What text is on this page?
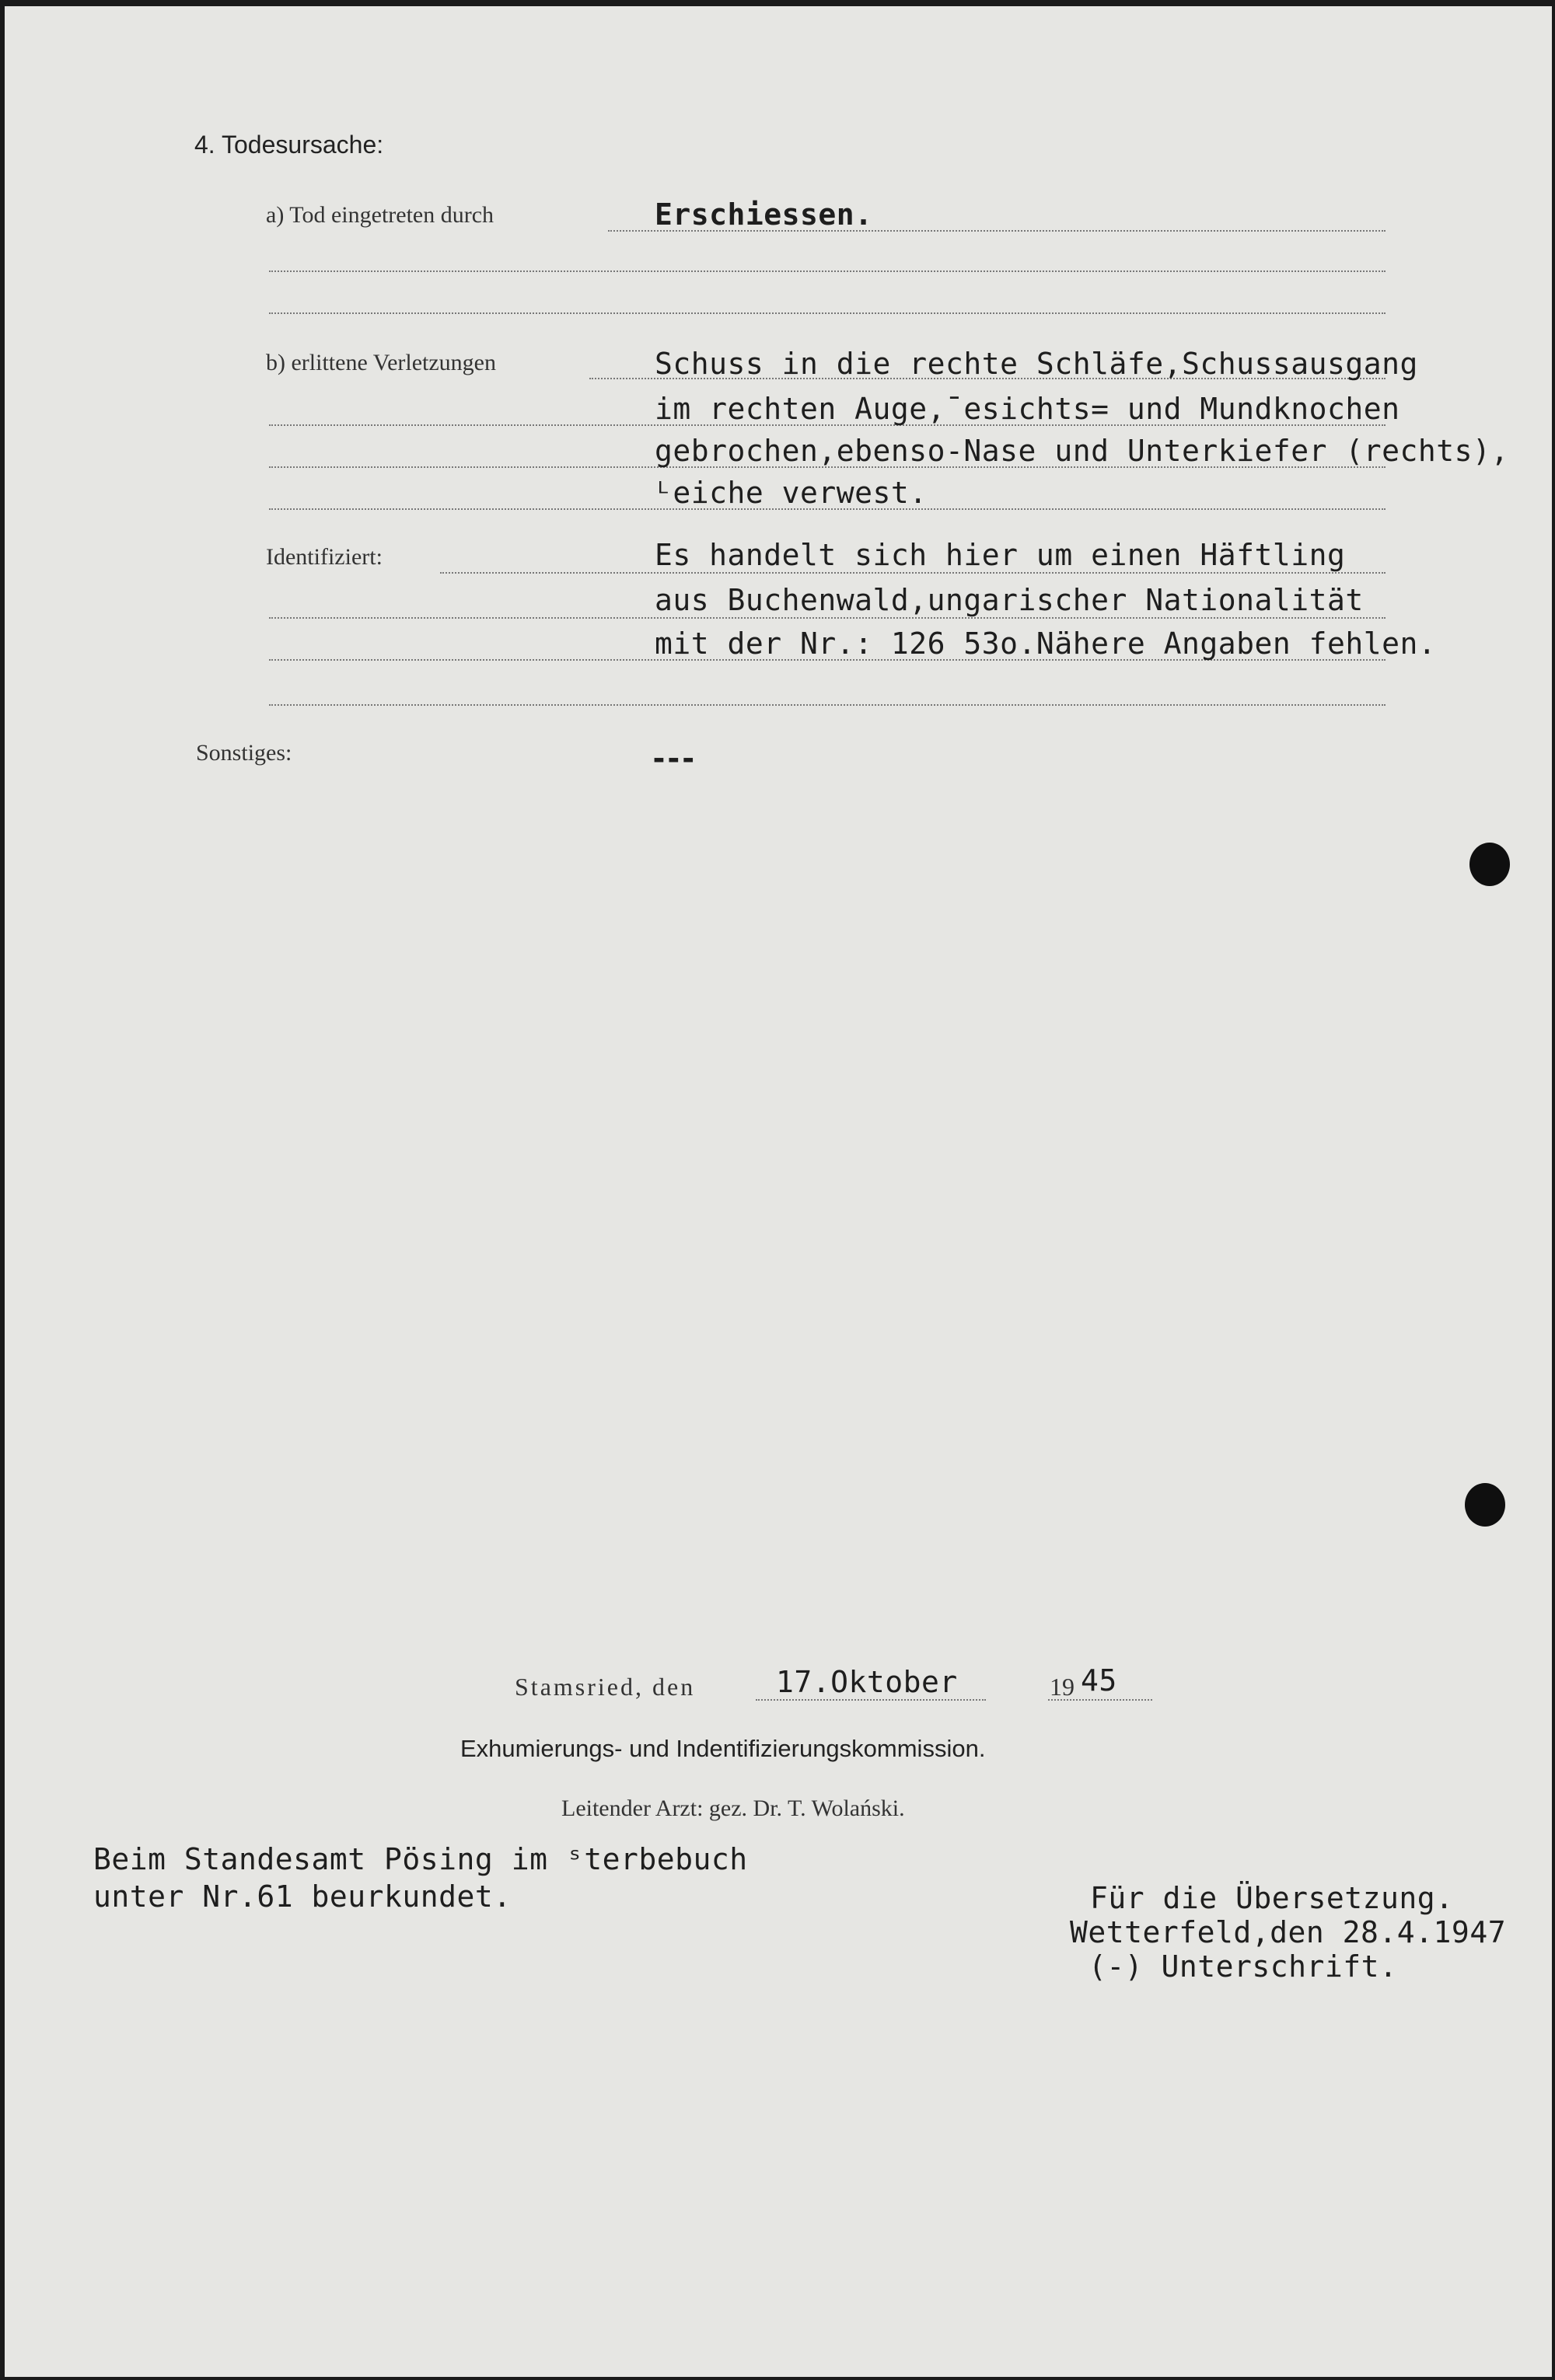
4. Todesursache:
a) Tod eingetreten durch	Erschiessen.
b) erlittene Verletzungen	Schuss in die rechte Schläfe,Schussausgang
im rechten Auge,ˉesichts= und Mundknochen
gebrochen,ebenso-Nase und Unterkiefer (rechts),
ᴸeiche verwest.
Identifiziert:	Es handelt sich hier um einen Häftling
aus Buchenwald,ungarischer Nationalität
mit der Nr.: 126 53o.Nähere Angaben fehlen.
Sonstiges:	---
Stamsried, den	17.Oktober	19 45
Exhumierungs- und Indentifizierungskommission.
Leitender Arzt: gez. Dr. T. Wolański.
Beim Standesamt Pösing im ˢterbebuch
unter Nr.61 beurkundet.	Für die Übersetzung.
Wetterfeld,den 28.4.1947
(-) Unterschrift.
